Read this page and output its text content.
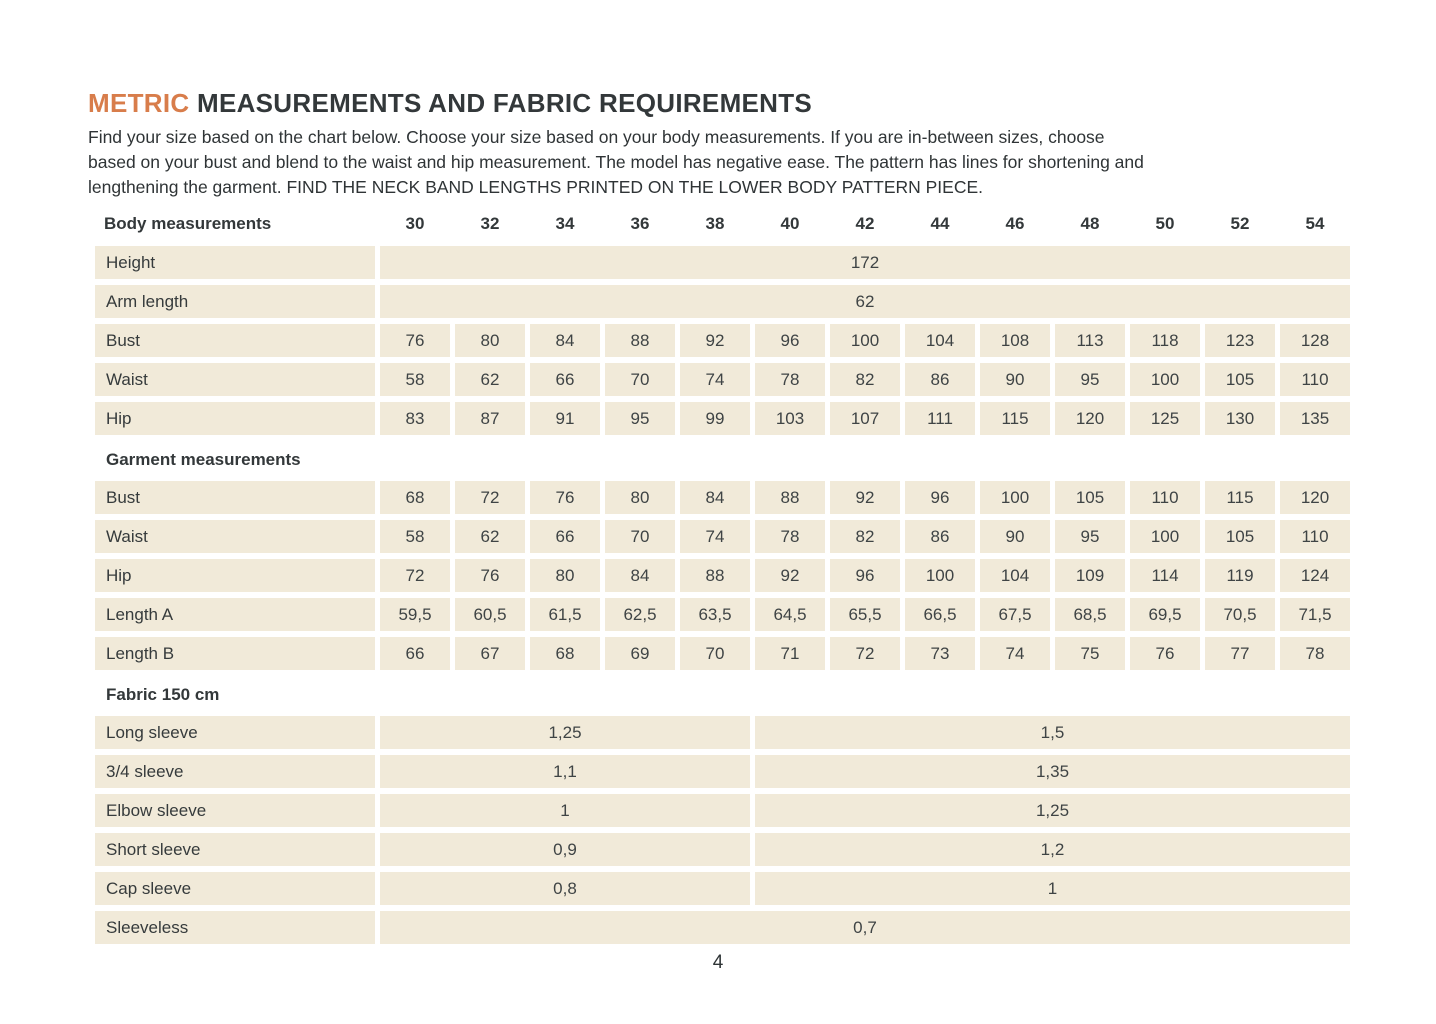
METRIC MEASUREMENTS AND FABRIC REQUIREMENTS
Find your size based on the chart below. Choose your size based on your body measurements. If you are in-between sizes, choose
based on your bust and blend to the waist and hip measurement. The model has negative ease. The pattern has lines for shortening and
lengthening the garment. FIND THE NECK BAND LENGTHS PRINTED ON THE LOWER BODY PATTERN PIECE.
Body measurements	30	32	34	36	38	40	42	44	46	48	50	52	54
Height	172
Arm length	62
Bust	76	80	84	88	92	96	100	104	108	113	118	123	128
Waist	58	62	66	70	74	78	82	86	90	95	100	105	110
Hip	83	87	91	95	99	103	107	111	115	120	125	130	135
Garment measurements
Bust	68	72	76	80	84	88	92	96	100	105	110	115	120
Waist	58	62	66	70	74	78	82	86	90	95	100	105	110
Hip	72	76	80	84	88	92	96	100	104	109	114	119	124
Length A	59,5	60,5	61,5	62,5	63,5	64,5	65,5	66,5	67,5	68,5	69,5	70,5	71,5
Length B	66	67	68	69	70	71	72	73	74	75	76	77	78
Fabric 150 cm
Long sleeve	1,25	1,5
3/4 sleeve	1,1	1,35
Elbow sleeve	1	1,25
Short sleeve	0,9	1,2
Cap sleeve	0,8	1
Sleeveless	0,7
4
